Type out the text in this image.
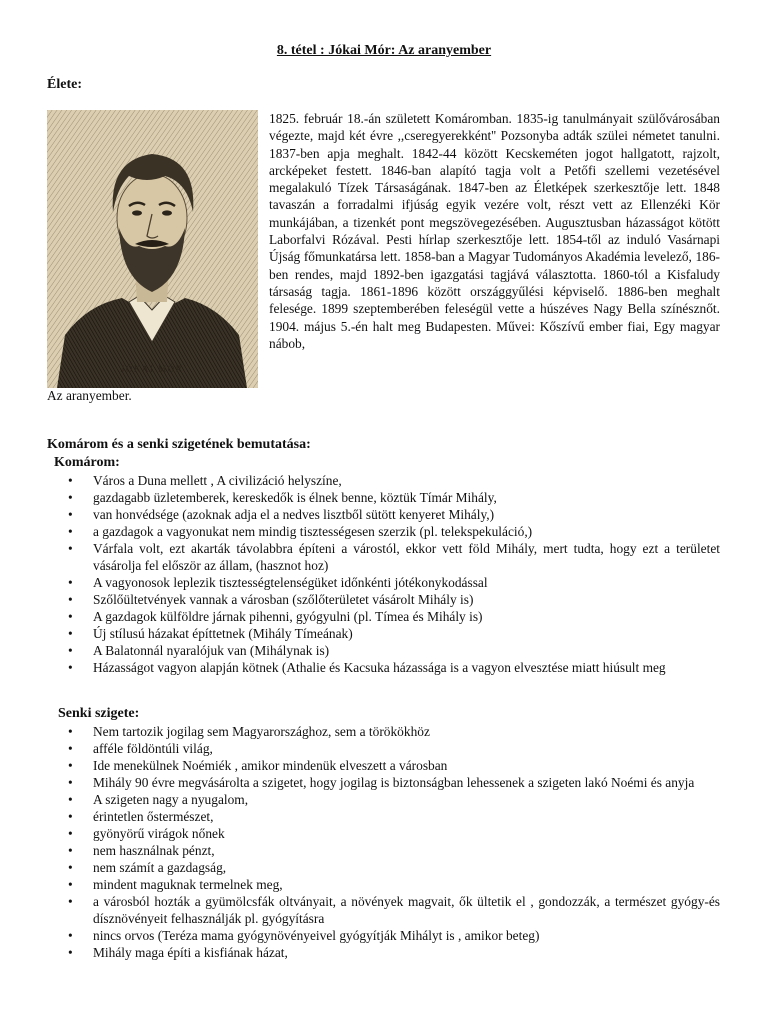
8. tétel : Jókai Mór: Az aranyember
Élete:
JÓKAI MÓR

1825. február 18.-án született Komáromban. 1835-ig tanulmányait szülővárosában végezte, majd két évre ,,cseregyerekként'' Pozsonyba adták szülei németet tanulni. 1837-ben apja meghalt. 1842-44 között Kecskeméten jogot hallgatott, rajzolt, arcképeket festett. 1846-ban alapító tagja volt a Petőfi szellemi vezetésével megalakuló Tízek Társaságának. 1847-ben az Életképek szerkesztője lett. 1848 tavaszán a forradalmi ifjúság egyik vezére volt, részt vett az Ellenzéki Kör munkájában, a tizenkét pont megszövegezésében. Augusztusban házasságot kötött Laborfalvi Rózával. Pesti hírlap szerkesztője lett. 1854-től az induló Vasárnapi Újság főmunkatársa lett. 1858-ban a Magyar Tudományos Akadémia levelező, 186-ben rendes, majd 1892-ben igazgatási tagjává választotta. 1860-tól a Kisfaludy társaság tagja. 1861-1896 között országgyűlési képviselő. 1886-ben meghalt felesége. 1899 szeptemberében feleségül vette a húszéves Nagy Bella színésznőt. 1904. május 5.-én halt meg Budapesten. Művei: Kőszívű ember fiai, Egy magyar nábob,

Az aranyember.
Komárom és a senki szigetének bemutatása:
Komárom:
• Város a Duna mellett , A civilizáció helyszíne,
• gazdagabb üzletemberek, kereskedők is élnek benne, köztük Tímár Mihály,
• van honvédsége (azoknak adja el a nedves lisztből sütött kenyeret Mihály,)
• a gazdagok a vagyonukat nem mindig tisztességesen szerzik (pl. telekspekuláció,)
• Várfala volt, ezt akarták távolabbra építeni a várostól, ekkor vett föld Mihály, mert tudta, hogy ezt a területet vásárolja fel először az állam, (hasznot hoz)
• A vagyonosok leplezik tisztességtelenségüket időnkénti jótékonykodással
• Szőlőültetvények vannak a városban (szőlőterületet vásárolt Mihály is)
• A gazdagok külföldre járnak pihenni, gyógyulni (pl. Tímea és Mihály is)
• Új stílusú házakat építtetnek (Mihály Tímeának)
• A Balatonnál nyaralójuk van (Mihálynak is)
• Házasságot vagyon alapján kötnek (Athalie és Kacsuka házassága is a vagyon elvesztése miatt hiúsult meg
Senki szigete:
• Nem tartozik jogilag sem Magyarországhoz, sem a törökökhöz
• afféle földöntúli világ,
• Ide menekülnek Noémiék , amikor mindenük elveszett a városban
• Mihály 90 évre megvásárolta a szigetet, hogy jogilag is biztonságban lehessenek a szigeten lakó Noémi és anyja
• A szigeten nagy a nyugalom,
• érintetlen őstermészet,
• gyönyörű virágok nőnek
• nem használnak pénzt,
• nem számít a gazdagság,
• mindent maguknak termelnek meg,
• a városból hozták a gyümölcsfák oltványait, a növények magvait, ők ültetik el , gondozzák, a természet gyógy-és dísznövényeit felhasználják pl. gyógyításra
• nincs orvos (Teréza mama gyógynövényeivel gyógyítják Mihályt is , amikor beteg)
• Mihály maga építi a kisfiának házat,
